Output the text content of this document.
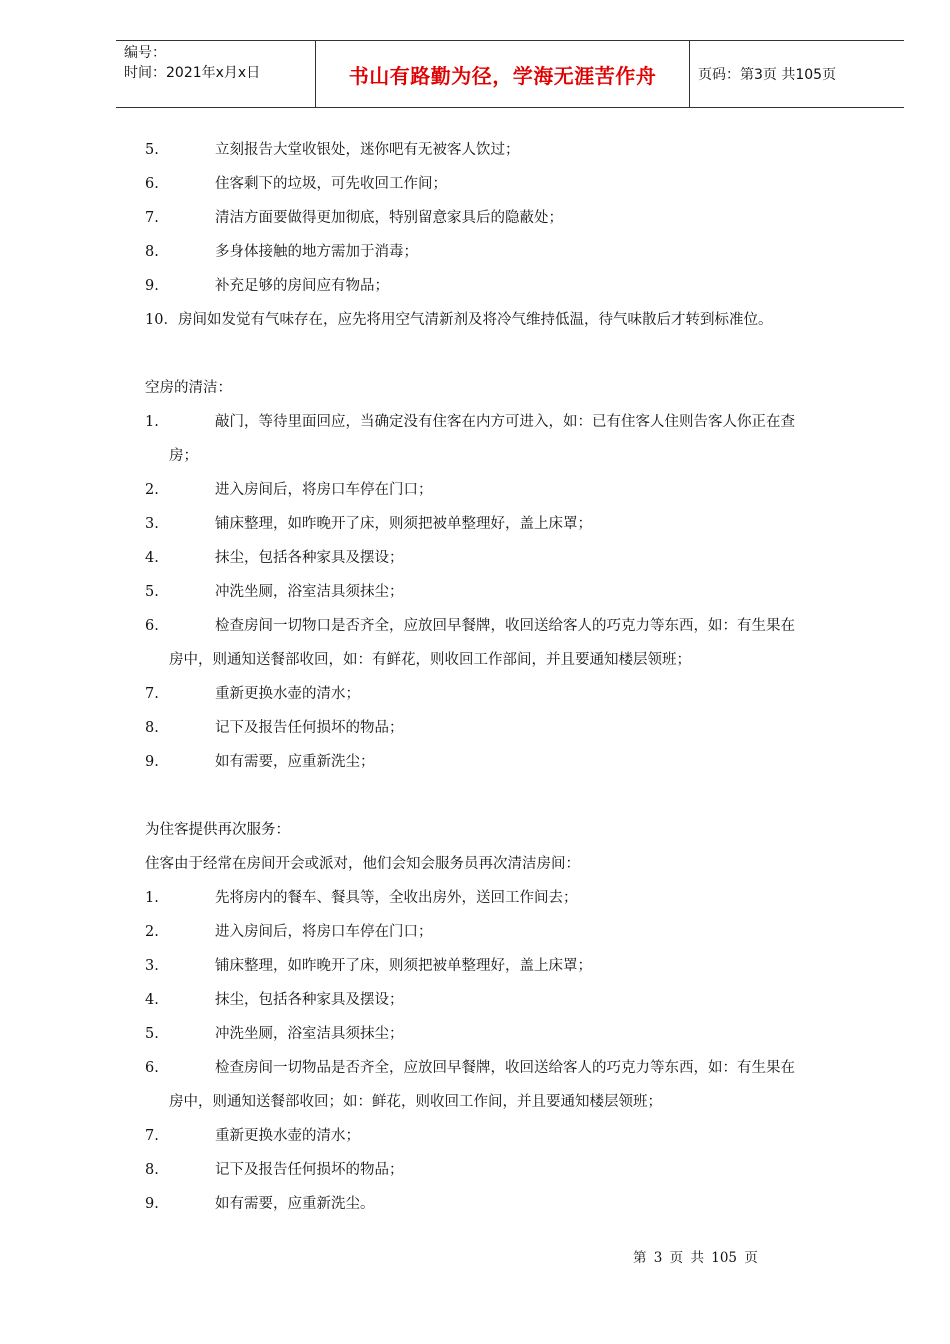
编号：
时间：2021年x月x日	书山有路勤为径，学海无涯苦作舟	页码：第3页 共105页
5.	立刻报告大堂收银处，迷你吧有无被客人饮过；
6.	住客剩下的垃圾，可先收回工作间；
7.	清洁方面要做得更加彻底，特别留意家具后的隐蔽处；
8.	多身体接触的地方需加于消毒；
9.	补充足够的房间应有物品；
10．房间如发觉有气味存在，应先将用空气清新剂及将冷气维持低温，待气味散后才转到标准位。
空房的清洁：
1.	敲门，等待里面回应，当确定没有住客在内方可进入，如：已有住客人住则告客人你正在查
房；
2.	进入房间后，将房口车停在门口；
3.	铺床整理，如昨晚开了床，则须把被单整理好，盖上床罩；
4.	抹尘，包括各种家具及摆设；
5.	冲洗坐厕，浴室洁具须抹尘；
6.	检查房间一切物口是否齐全，应放回早餐牌，收回送给客人的巧克力等东西，如：有生果在
房中，则通知送餐部收回，如：有鲜花，则收回工作部间，并且要通知楼层领班；
7.	重新更换水壶的清水；
8.	记下及报告任何损坏的物品；
9.	如有需要，应重新洗尘；
为住客提供再次服务：
住客由于经常在房间开会或派对，他们会知会服务员再次清洁房间：
1.	先将房内的餐车、餐具等，全收出房外，送回工作间去；
2.	进入房间后，将房口车停在门口；
3.	铺床整理，如昨晚开了床，则须把被单整理好，盖上床罩；
4.	抹尘，包括各种家具及摆设；
5.	冲洗坐厕，浴室洁具须抹尘；
6.	检查房间一切物品是否齐全，应放回早餐牌，收回送给客人的巧克力等东西，如：有生果在
房中，则通知送餐部收回；如：鲜花，则收回工作间，并且要通知楼层领班；
7.	重新更换水壶的清水；
8.	记下及报告任何损坏的物品；
9.	如有需要，应重新洗尘。
第 3 页 共 105 页
